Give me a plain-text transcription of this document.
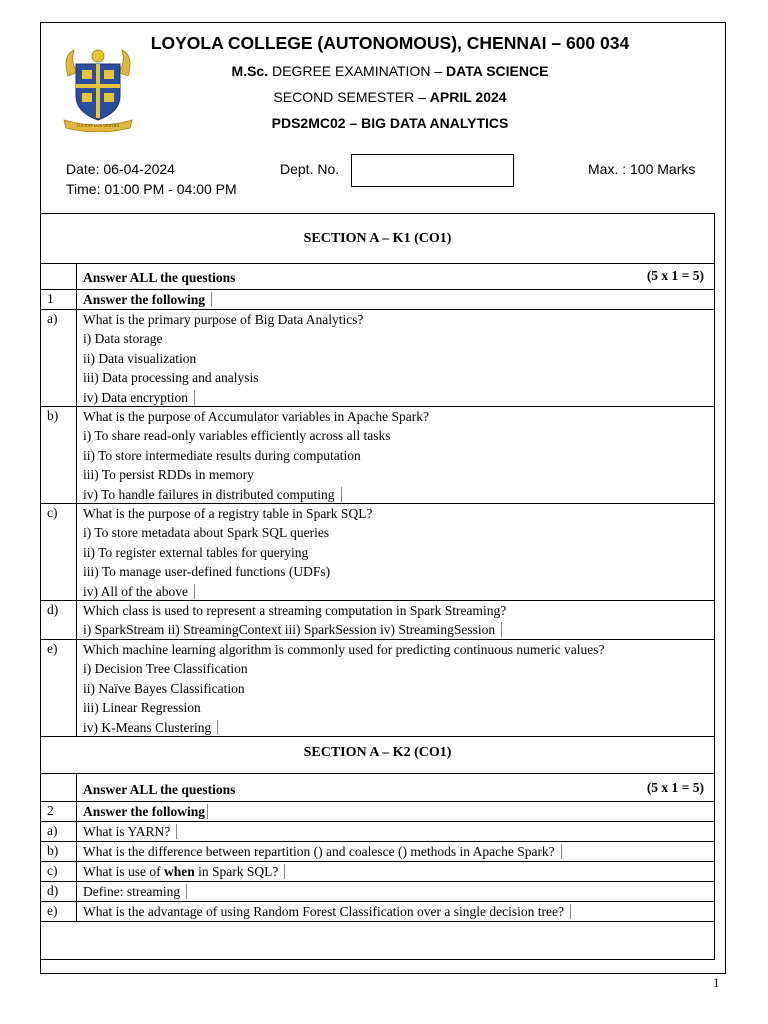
LUCEAT LUX VESTRA
LOYOLA COLLEGE (AUTONOMOUS), CHENNAI – 600 034
M.Sc. DEGREE EXAMINATION – DATA SCIENCE
SECOND SEMESTER – APRIL 2024
PDS2MC02 – BIG DATA ANALYTICS
Date: 06-04-2024
Time: 01:00 PM - 04:00 PM
Dept. No.	Max. : 100 Marks
SECTION A – K1 (CO1)
Answer ALL the questions	(5 x 1 = 5)
1 Answer the following
a) What is the primary purpose of Big Data Analytics?
i) Data storage
ii) Data visualization
iii) Data processing and analysis
iv) Data encryption
b) What is the purpose of Accumulator variables in Apache Spark?
i) To share read-only variables efficiently across all tasks
ii) To store intermediate results during computation
iii) To persist RDDs in memory
iv) To handle failures in distributed computing
c) What is the purpose of a registry table in Spark SQL?
i) To store metadata about Spark SQL queries
ii) To register external tables for querying
iii) To manage user-defined functions (UDFs)
iv) All of the above
d) Which class is used to represent a streaming computation in Spark Streaming?
i) SparkStream ii) StreamingContext iii) SparkSession iv) StreamingSession
e) Which machine learning algorithm is commonly used for predicting continuous numeric values?
i) Decision Tree Classification
ii) Naïve Bayes Classification
iii) Linear Regression
iv) K-Means Clustering
SECTION A – K2 (CO1)
Answer ALL the questions	(5 x 1 = 5)
2 Answer the following
a) What is YARN?
b) What is the difference between repartition () and coalesce () methods in Apache Spark?
c) What is use of when in Spark SQL?
d) Define: streaming
e) What is the advantage of using Random Forest Classification over a single decision tree?
1
